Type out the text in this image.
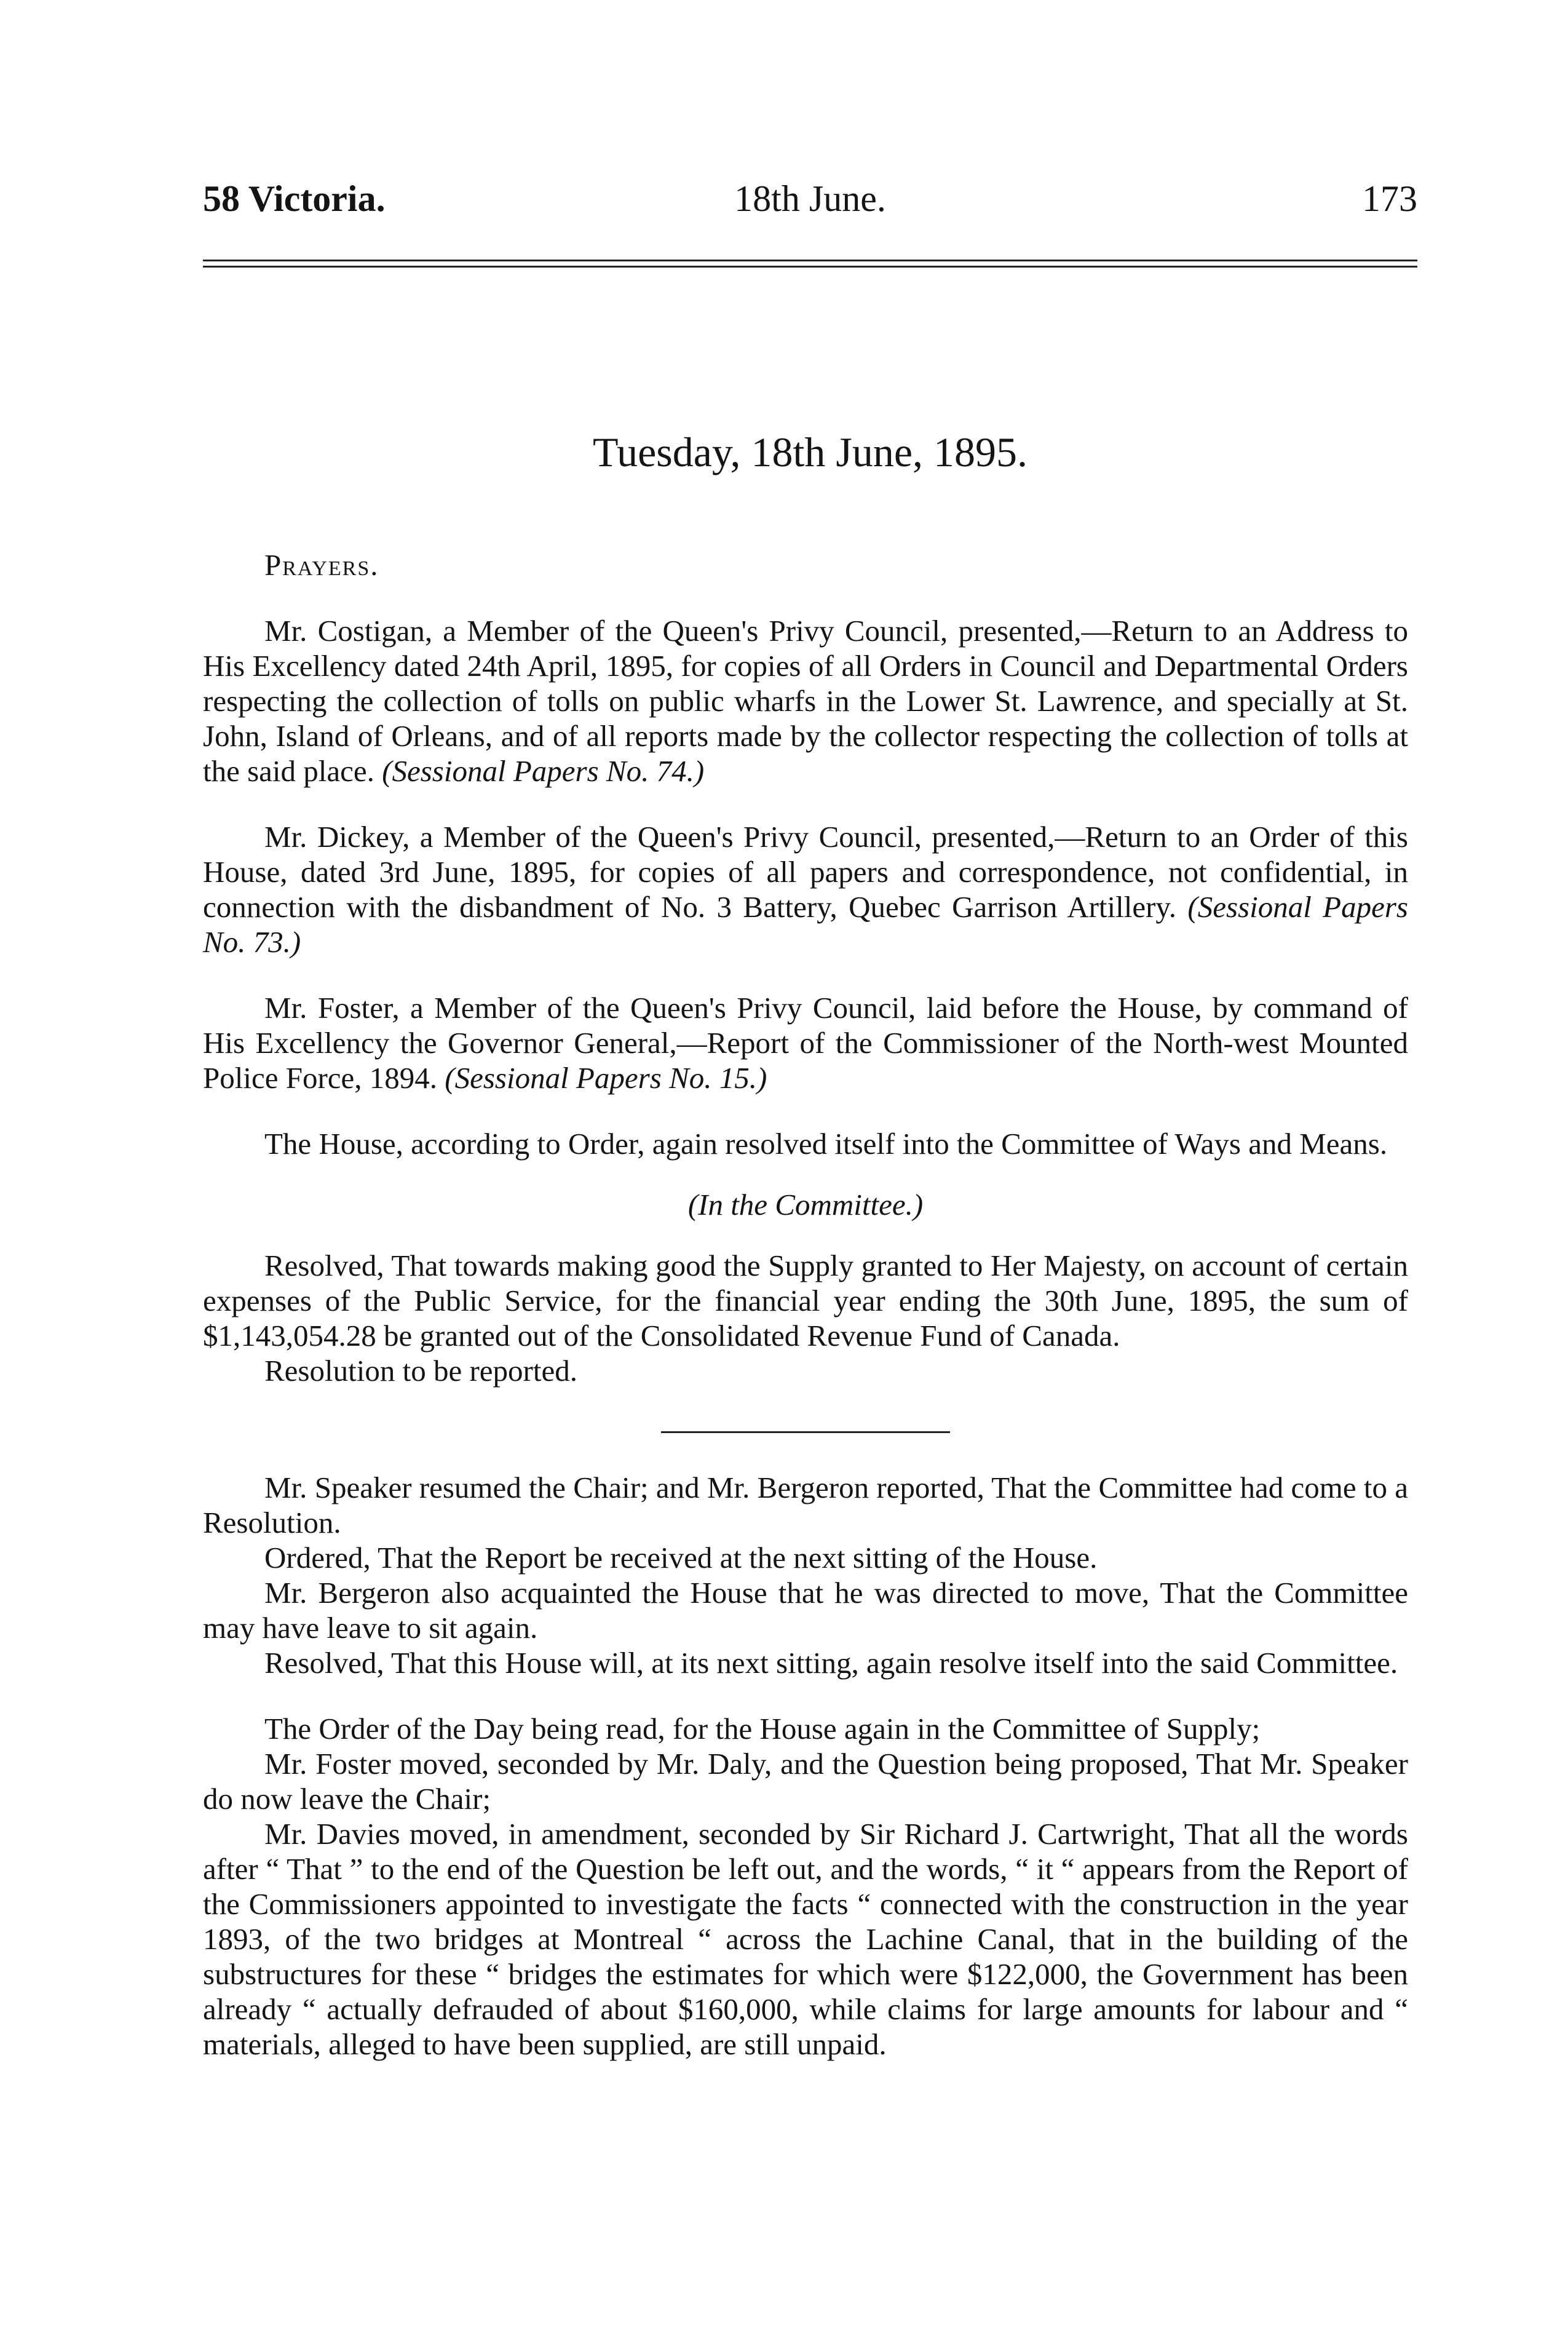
58 Victoria.	18th June.	173
Tuesday, 18th June, 1895.

Prayers.

Mr. Costigan, a Member of the Queen's Privy Council, presented,—Return to an Address to His Excellency dated 24th April, 1895, for copies of all Orders in Council and Departmental Orders respecting the collection of tolls on public wharfs in the Lower St. Lawrence, and specially at St. John, Island of Orleans, and of all reports made by the collector respecting the collection of tolls at the said place. (Sessional Papers No. 74.)

Mr. Dickey, a Member of the Queen's Privy Council, presented,—Return to an Order of this House, dated 3rd June, 1895, for copies of all papers and correspondence, not confidential, in connection with the disbandment of No. 3 Battery, Quebec Garrison Artillery. (Sessional Papers No. 73.)

Mr. Foster, a Member of the Queen's Privy Council, laid before the House, by command of His Excellency the Governor General,—Report of the Commissioner of the North-west Mounted Police Force, 1894. (Sessional Papers No. 15.)

The House, according to Order, again resolved itself into the Committee of Ways and Means.

(In the Committee.)

Resolved, That towards making good the Supply granted to Her Majesty, on account of certain expenses of the Public Service, for the financial year ending the 30th June, 1895, the sum of $1,143,054.28 be granted out of the Consolidated Revenue Fund of Canada.

Resolution to be reported.

Mr. Speaker resumed the Chair; and Mr. Bergeron reported, That the Committee had come to a Resolution.

Ordered, That the Report be received at the next sitting of the House.

Mr. Bergeron also acquainted the House that he was directed to move, That the Committee may have leave to sit again.

Resolved, That this House will, at its next sitting, again resolve itself into the said Committee.

The Order of the Day being read, for the House again in the Committee of Supply;

Mr. Foster moved, seconded by Mr. Daly, and the Question being proposed, That Mr. Speaker do now leave the Chair;

Mr. Davies moved, in amendment, seconded by Sir Richard J. Cartwright, That all the words after “ That ” to the end of the Question be left out, and the words, “ it “ appears from the Report of the Commissioners appointed to investigate the facts “ connected with the construction in the year 1893, of the two bridges at Montreal “ across the Lachine Canal, that in the building of the substructures for these “ bridges the estimates for which were $122,000, the Government has been already “ actually defrauded of about $160,000, while claims for large amounts for labour and “ materials, alleged to have been supplied, are still unpaid.
